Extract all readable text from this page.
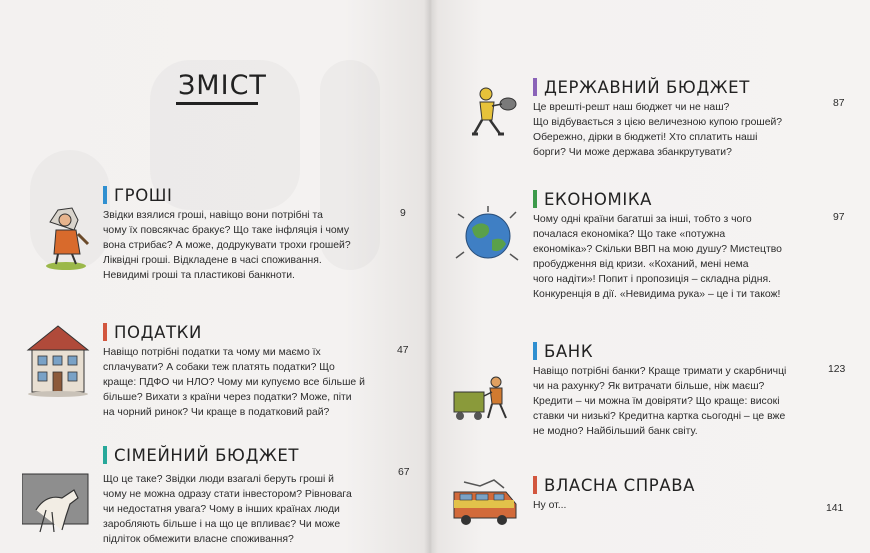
ЗМІСТ
ГРОШІ
Звідки взялися гроші, навіщо вони потрібні та
чому їх повсякчас бракує? Що таке інфляція і чому
вона стрибає? А може, додрукувати трохи грошей?
Ліквідні гроші. Відкладене в часі споживання.
Невидимі гроші та пластикові банкноти.
9
ПОДАТКИ
Навіщо потрібні податки та чому ми маємо їх
сплачувати? А собаки теж платять податки? Що
краще: ПДФО чи НЛО? Чому ми купуємо все більше й
більше? Вихати з країни через податки? Може, піти
на чорний ринок? Чи краще в податковий рай?
47
СІМЕЙНИЙ БЮДЖЕТ
Що це таке? Звідки люди взагалі беруть гроші й
чому не можна одразу стати інвестором? Рівновага
чи недостатня увага? Чому в інших країнах люди
заробляють більше і на що це впливає? Чи може
підліток обмежити власне споживання?
67
ДЕРЖАВНИЙ БЮДЖЕТ
Це врешті-решт наш бюджет чи не наш?
Що відбувається з цією величезною купою грошей?
Обережно, дірки в бюджеті! Хто сплатить наші
борги? Чи може держава збанкрутувати?
87
ЕКОНОМІКА
Чому одні країни багатші за інші, тобто з чого
почалася економіка? Що таке «потужна
економіка»? Скільки ВВП на мою душу? Мистецтво
пробудження від кризи. «Коханий, мені нема
чого надіти»! Попит і пропозиція – складна рідня.
Конкуренція в дії. «Невидима рука» – це і ти також!
97
БАНК
Навіщо потрібні банки? Краще тримати у скарбничці
чи на рахунку? Як витрачати більше, ніж маєш?
Кредити – чи можна їм довіряти? Що краще: високі
ставки чи низькі? Кредитна картка сьогодні – це вже
не модно? Найбільший банк світу.
123
ВЛАСНА СПРАВА
Ну от...	141
